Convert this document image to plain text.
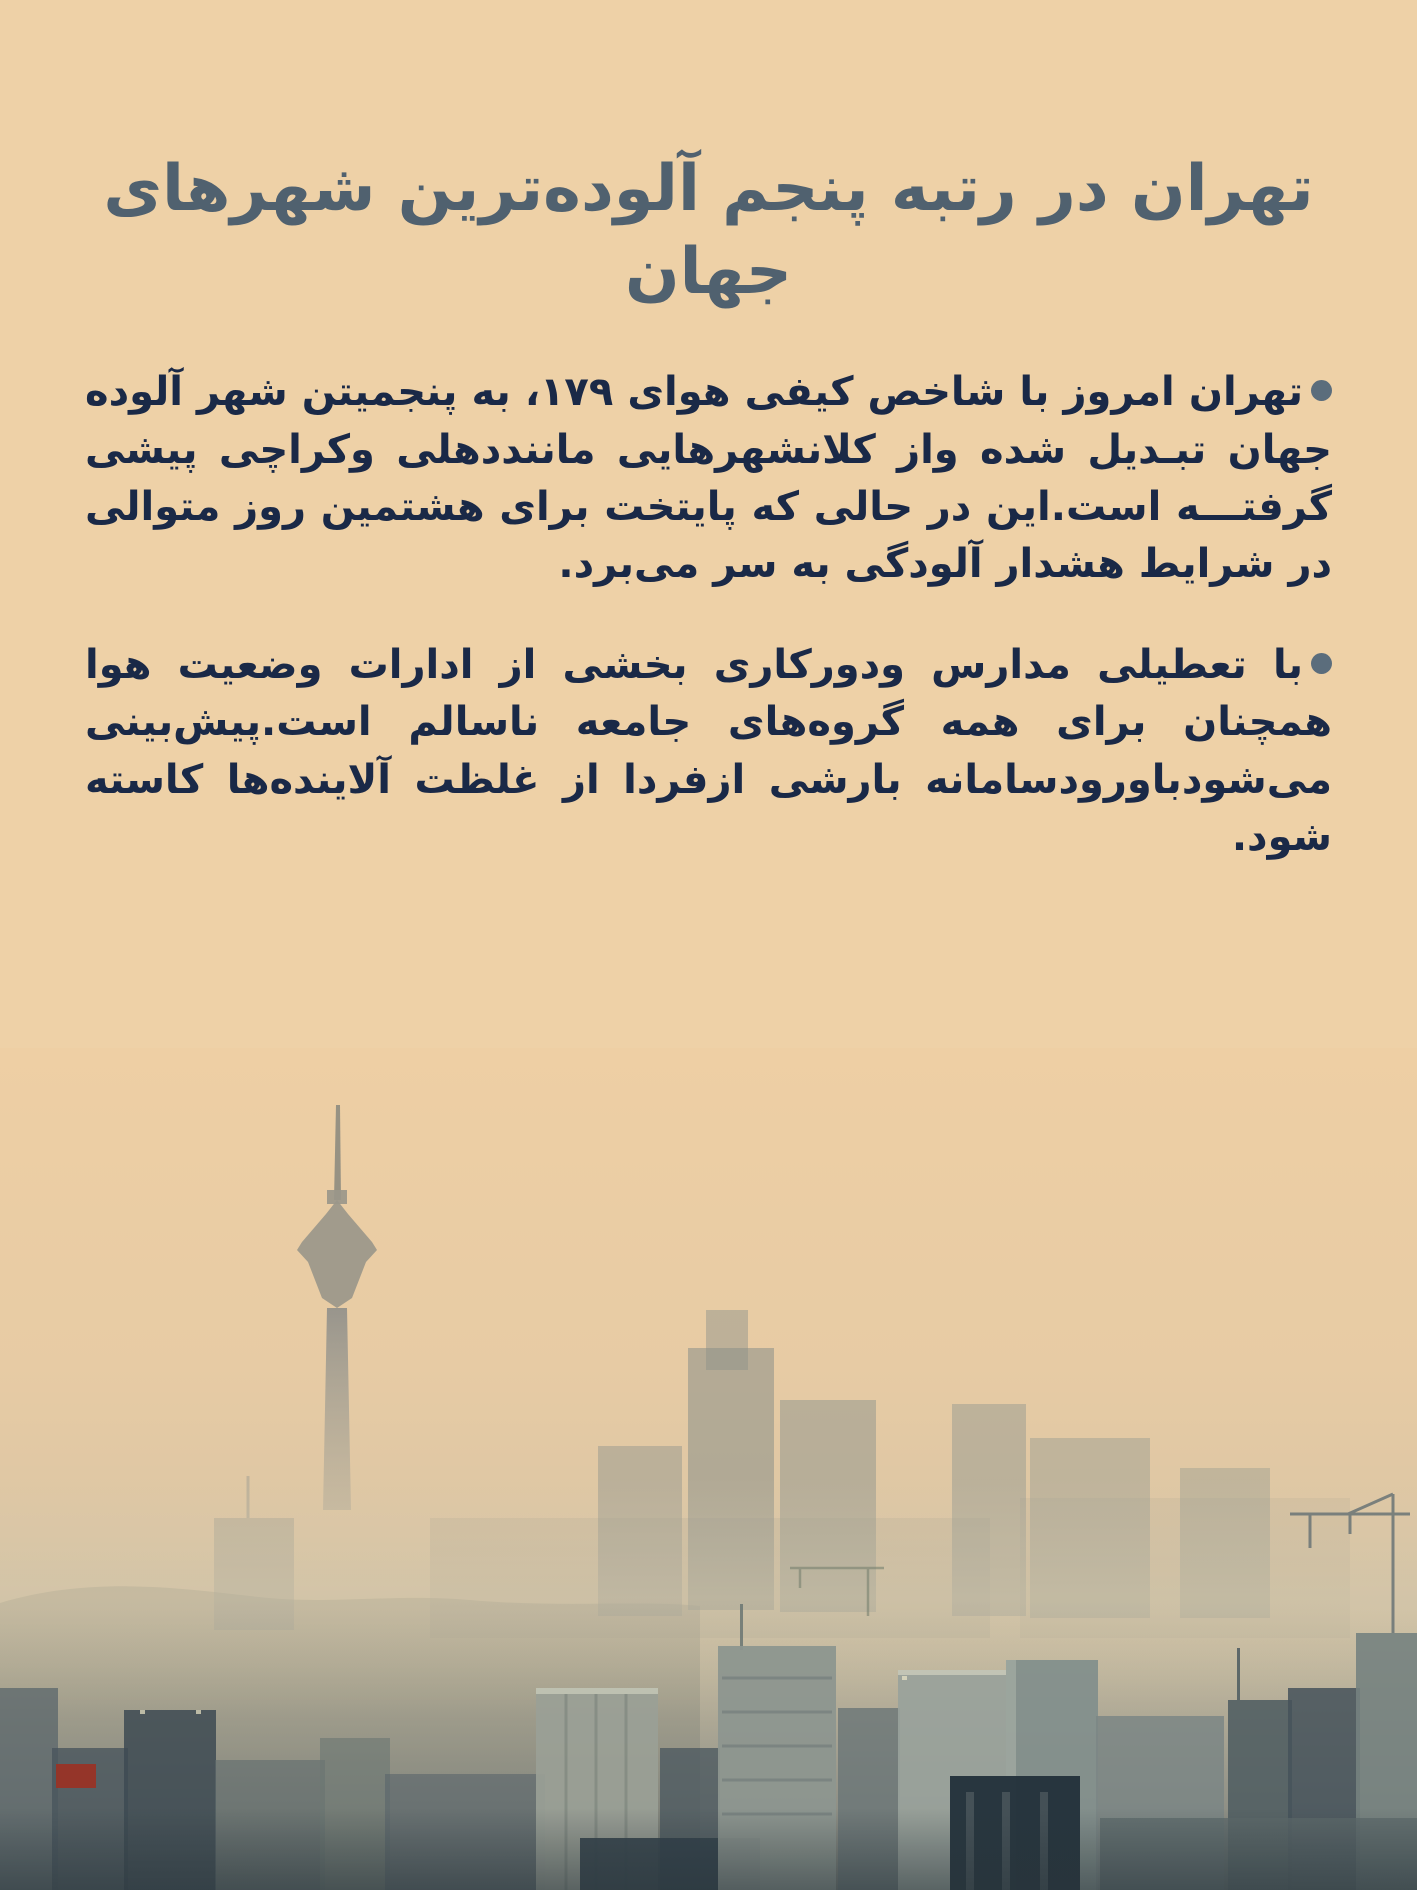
تهران در رتبه پنجم آلوده‌ترین شهرهای جهان
تهران امروز با شاخص کیفی هوای ۱۷۹، به پنجمیتن شهر آلوده جهان تبـدیل شده واز کلانشهرهایی ماننددهلی وکراچی پیشی گرفتـــه است.این در حالی که پایتخت برای هشتمین روز متوالی در شرایط هشدار آلودگی به سر می‌برد.
با تعطیلی مدارس ودورکاری بخشی از ادارات وضعیت هوا همچنان برای همه گروه‌های جامعه ناسالم است.پیش‌بینی می‌شودباورودسامانه بارشی ازفردا از غلظت آلاینده‌ها کاسته شود.
